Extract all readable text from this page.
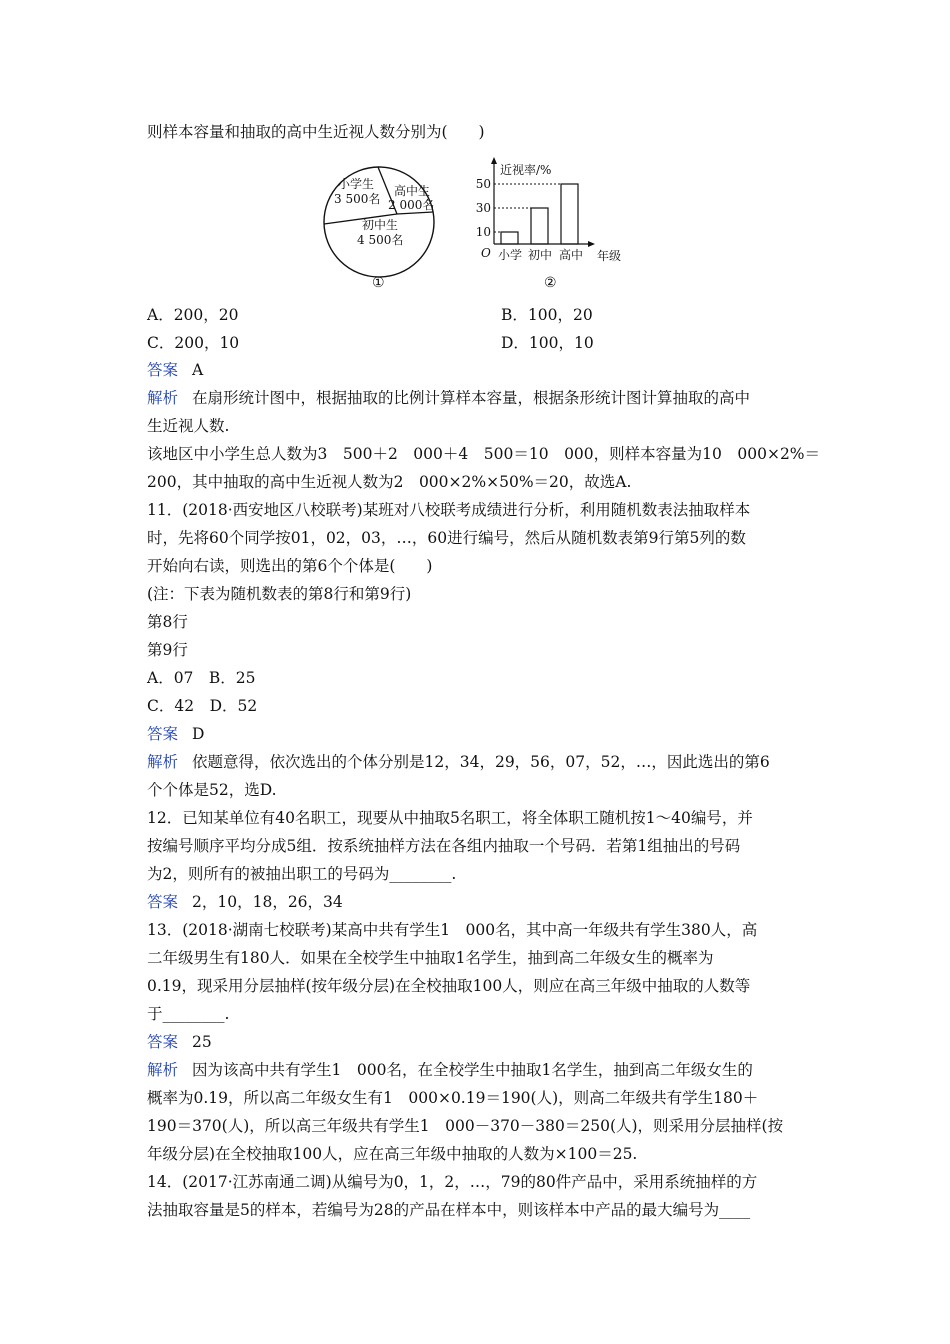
则样本容量和抽取的高中生近视人数分别为(　　)
小学生
3 500名
高中生
2 000名
初中生
4 500名
①
近视率/%
年级
O
10
30
50
小学 初中 高中
②
A．200，20	B．100，20
C．200，10	D．100，10
答案 A
解析 在扇形统计图中，根据抽取的比例计算样本容量，根据条形统计图计算抽取的高中
生近视人数.
该地区中小学生总人数为3　500＋2　000＋4　500＝10　000，则样本容量为10　000×2%＝
200，其中抽取的高中生近视人数为2　000×2%×50%＝20，故选A.
11．(2018·西安地区八校联考)某班对八校联考成绩进行分析，利用随机数表法抽取样本
时，先将60个同学按01，02，03，…，60进行编号，然后从随机数表第9行第5列的数
开始向右读，则选出的第6个个体是(　　)
(注：下表为随机数表的第8行和第9行)
第8行
第9行
A．07　B．25
C．42　D．52
答案 D
解析 依题意得，依次选出的个体分别是12，34，29，56，07，52，…，因此选出的第6
个个体是52，选D.
12．已知某单位有40名职工，现要从中抽取5名职工，将全体职工随机按1～40编号，并
按编号顺序平均分成5组．按系统抽样方法在各组内抽取一个号码．若第1组抽出的号码
为2，则所有的被抽出职工的号码为________.
答案 2，10，18，26，34
13．(2018·湖南七校联考)某高中共有学生1　000名，其中高一年级共有学生380人，高
二年级男生有180人．如果在全校学生中抽取1名学生，抽到高二年级女生的概率为
0.19，现采用分层抽样(按年级分层)在全校抽取100人，则应在高三年级中抽取的人数等
于________.
答案 25
解析 因为该高中共有学生1　000名，在全校学生中抽取1名学生，抽到高二年级女生的
概率为0.19，所以高二年级女生有1　000×0.19＝190(人)，则高二年级共有学生180＋
190＝370(人)，所以高三年级共有学生1　000－370－380＝250(人)，则采用分层抽样(按
年级分层)在全校抽取100人，应在高三年级中抽取的人数为×100＝25.
14．(2017·江苏南通二调)从编号为0，1，2，…，79的80件产品中，采用系统抽样的方
法抽取容量是5的样本，若编号为28的产品在样本中，则该样本中产品的最大编号为____
